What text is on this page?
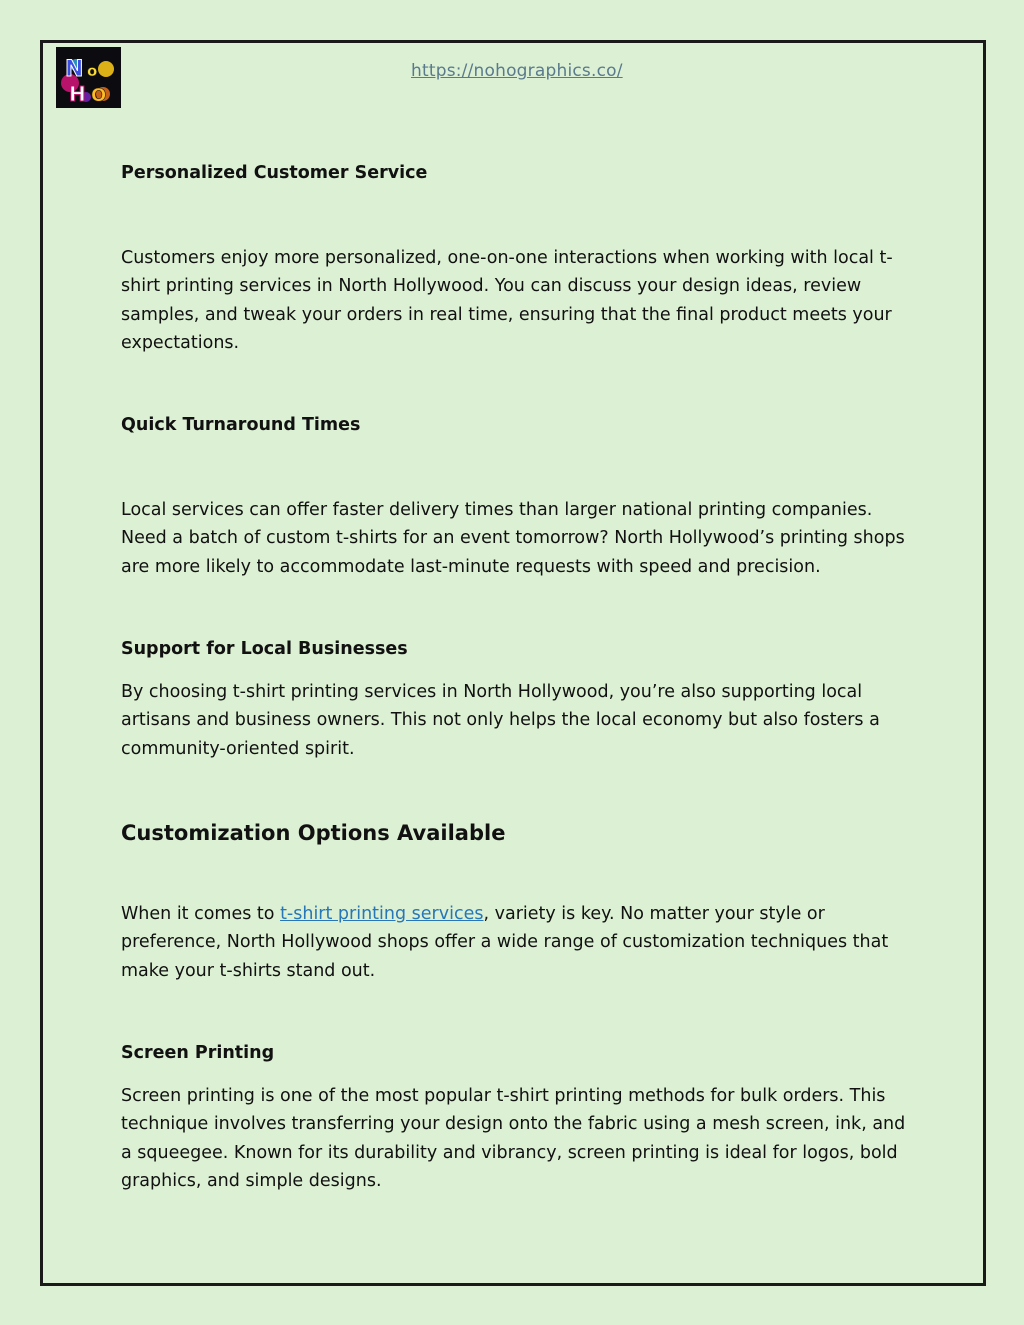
N o
H O
https://nohographics.co/
Personalized Customer Service

Customers enjoy more personalized, one-on-one interactions when working with local t-shirt printing services in North Hollywood. You can discuss your design ideas, review samples, and tweak your orders in real time, ensuring that the final product meets your expectations.

Quick Turnaround Times

Local services can offer faster delivery times than larger national printing companies. Need a batch of custom t-shirts for an event tomorrow? North Hollywood’s printing shops are more likely to accommodate last-minute requests with speed and precision.

Support for Local Businesses

By choosing t-shirt printing services in North Hollywood, you’re also supporting local artisans and business owners. This not only helps the local economy but also fosters a community-oriented spirit.

Customization Options Available

When it comes to t-shirt printing services, variety is key. No matter your style or preference, North Hollywood shops offer a wide range of customization techniques that make your t-shirts stand out.

Screen Printing

Screen printing is one of the most popular t-shirt printing methods for bulk orders. This technique involves transferring your design onto the fabric using a mesh screen, ink, and a squeegee. Known for its durability and vibrancy, screen printing is ideal for logos, bold graphics, and simple designs.
